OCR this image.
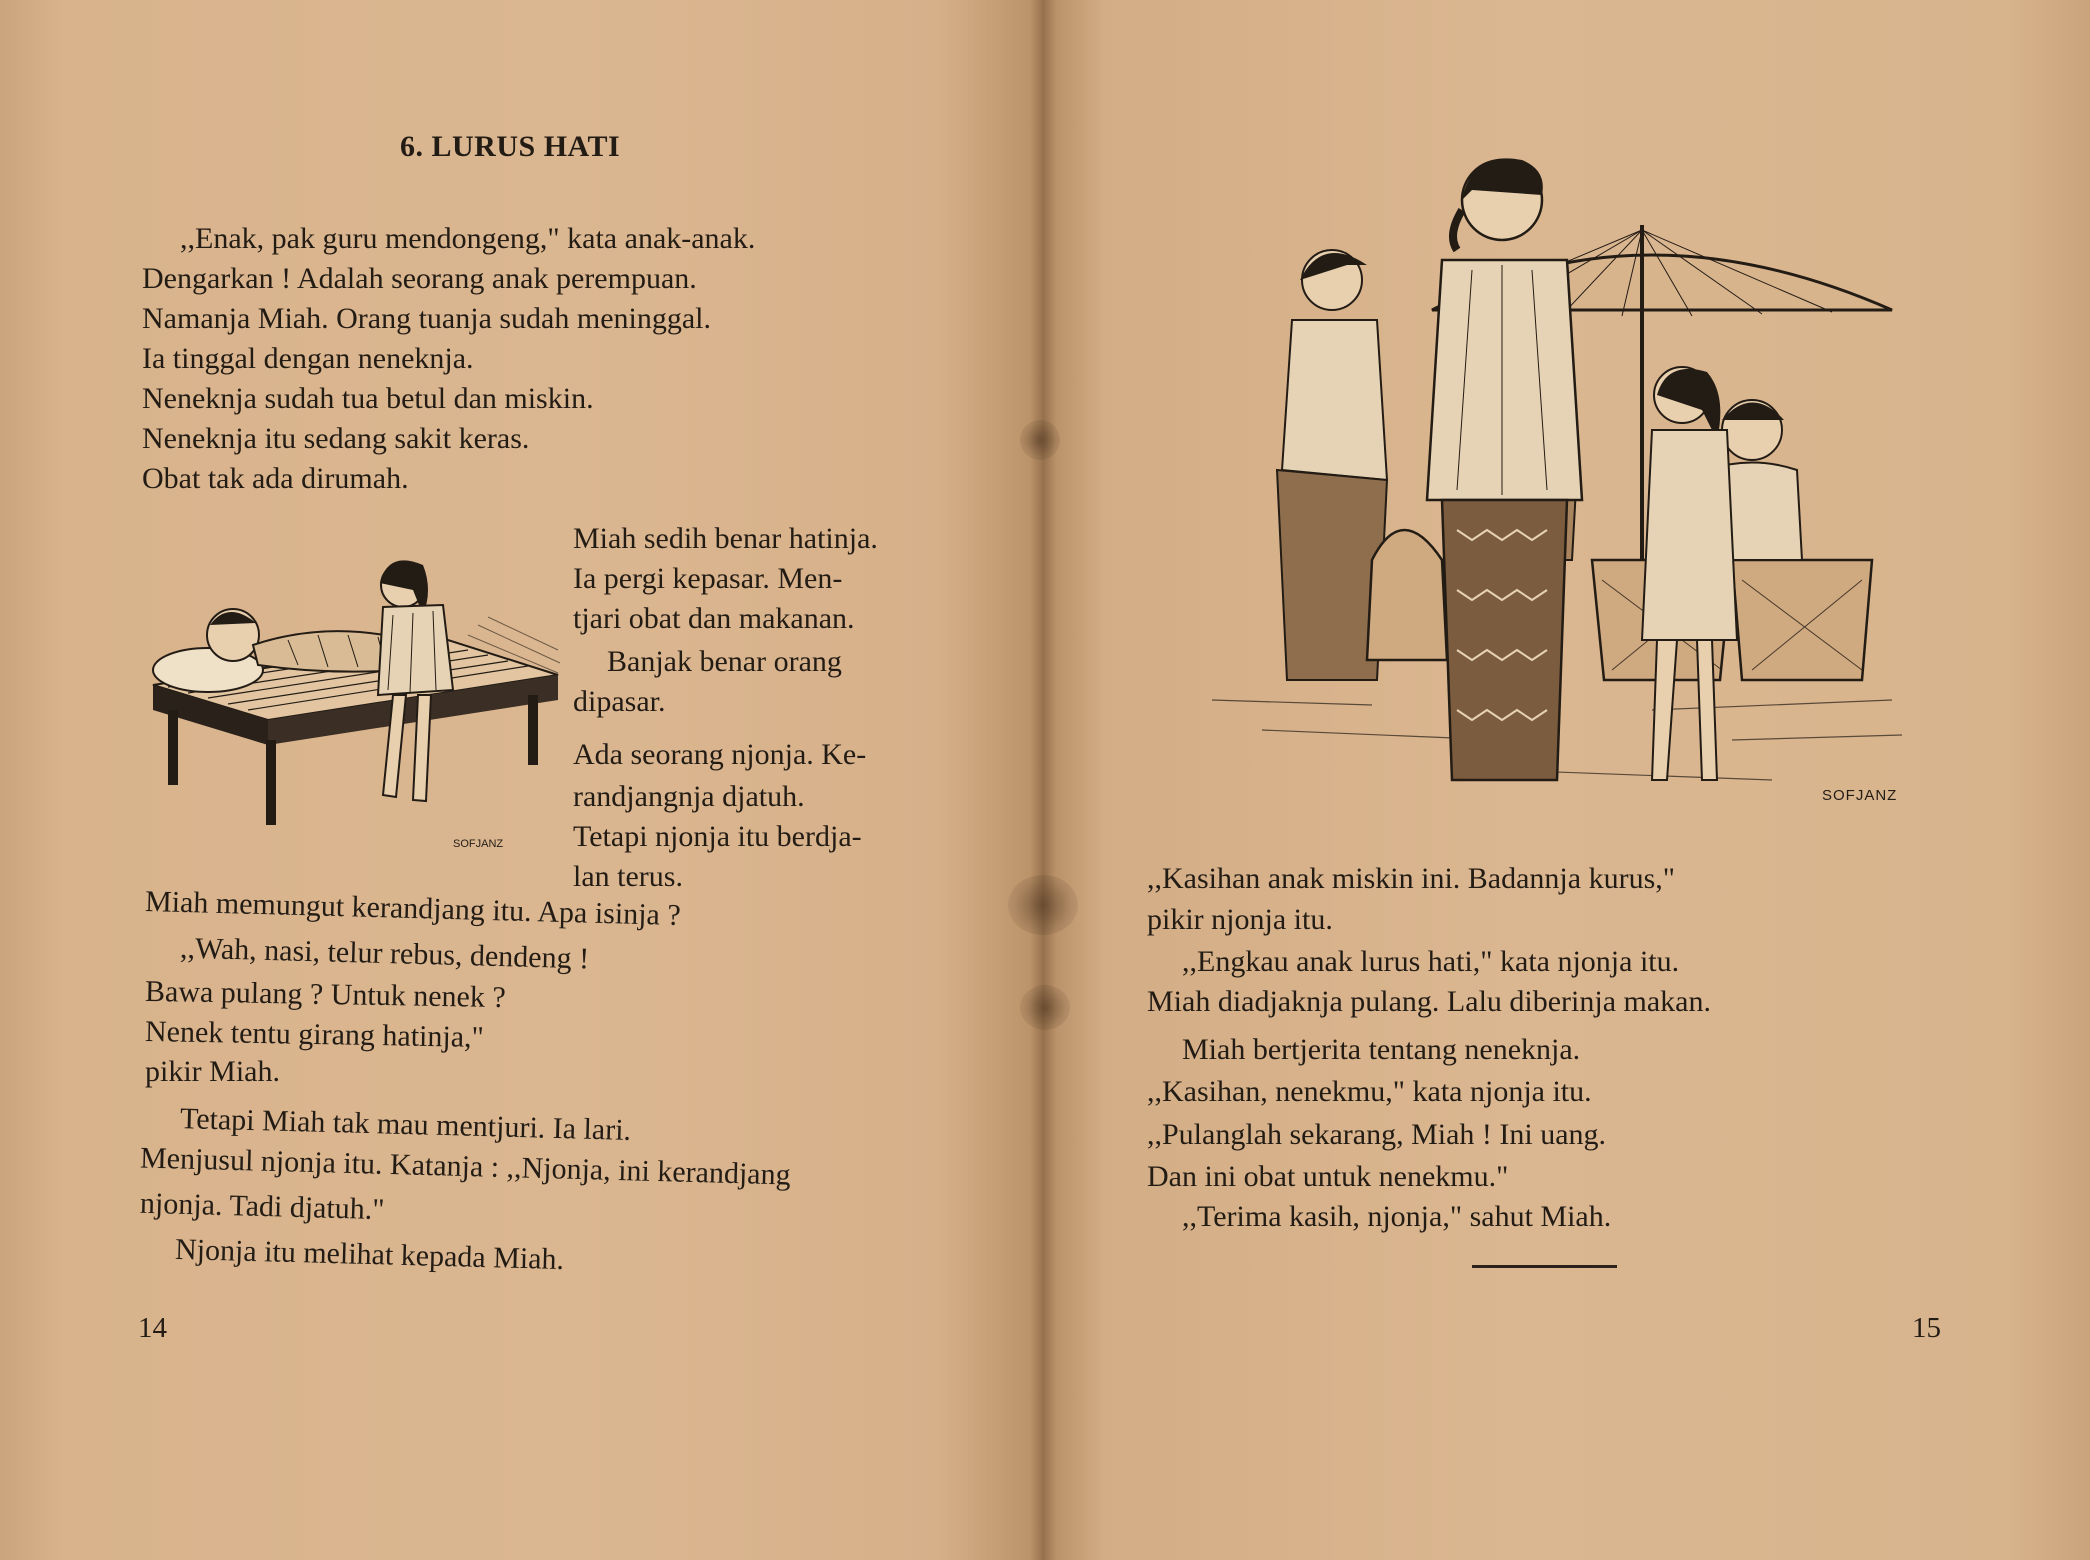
6. LURUS HATI
,,Enak, pak guru mendongeng," kata anak-anak.
Dengarkan ! Adalah seorang anak perempuan.
Namanja Miah. Orang tuanja sudah meninggal.
Ia tinggal dengan neneknja.
Neneknja sudah tua betul dan miskin.
Neneknja itu sedang sakit keras.
Obat tak ada dirumah.
SOFJANZ
Miah sedih benar hatinja.
Ia pergi kepasar. Men-
tjari obat dan makanan.
Banjak benar orang
dipasar.
Ada seorang njonja. Ke-
randjangnja djatuh.
Tetapi njonja itu berdja-
lan terus.
Miah memungut kerandjang itu. Apa isinja ?
,,Wah, nasi, telur rebus, dendeng !
Bawa pulang ? Untuk nenek ?
Nenek tentu girang hatinja,"
pikir Miah.
Tetapi Miah tak mau mentjuri. Ia lari.
Menjusul njonja itu. Katanja : ,,Njonja, ini kerandjang
njonja. Tadi djatuh."
Njonja itu melihat kepada Miah.
14
SOFJANZ
,,Kasihan anak miskin ini. Badannja kurus,"
pikir njonja itu.
,,Engkau anak lurus hati," kata njonja itu.
Miah diadjaknja pulang. Lalu diberinja makan.
Miah bertjerita tentang neneknja.
,,Kasihan, nenekmu," kata njonja itu.
,,Pulanglah sekarang, Miah ! Ini uang.
Dan ini obat untuk nenekmu."
,,Terima kasih, njonja," sahut Miah.
15
